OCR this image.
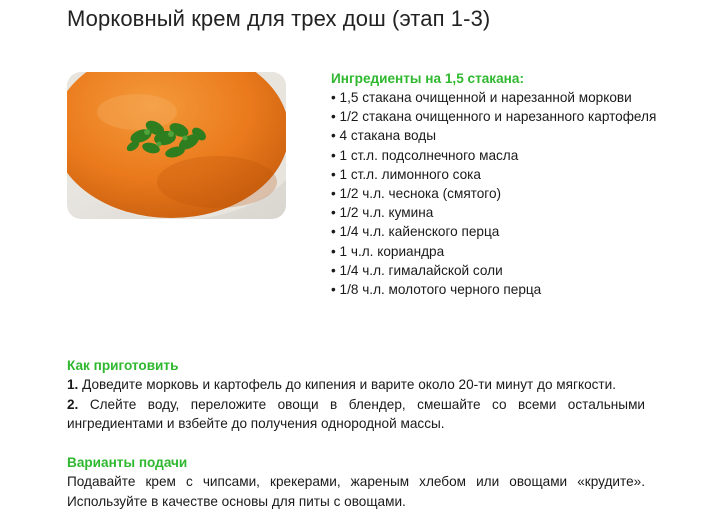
Морковный крем для трех дош (этап 1-3)
Ингредиенты на 1,5 стакана:
• 1,5 стакана очищенной и нарезанной моркови
• 1/2 стакана очищенного и нарезанного картофеля
• 4 стакана воды
• 1 ст.л. подсолнечного масла
• 1 ст.л. лимонного сока
• 1/2 ч.л. чеснока (смятого)
• 1/2 ч.л. кумина
• 1/4 ч.л. кайенского перца
• 1 ч.л. кориандра
• 1/4 ч.л. гималайской соли
• 1/8 ч.л. молотого черного перца
Как приготовить
1. Доведите морковь и картофель до кипения и варите около 20-ти минут до мягкости.
2. Слейте воду, переложите овощи в блендер, смешайте со всеми остальными ингредиентами и взбейте до получения однородной массы.
Варианты подачи
Подавайте крем с чипсами, крекерами, жареным хлебом или овощами «крудите». Используйте в качестве основы для питы с овощами.
